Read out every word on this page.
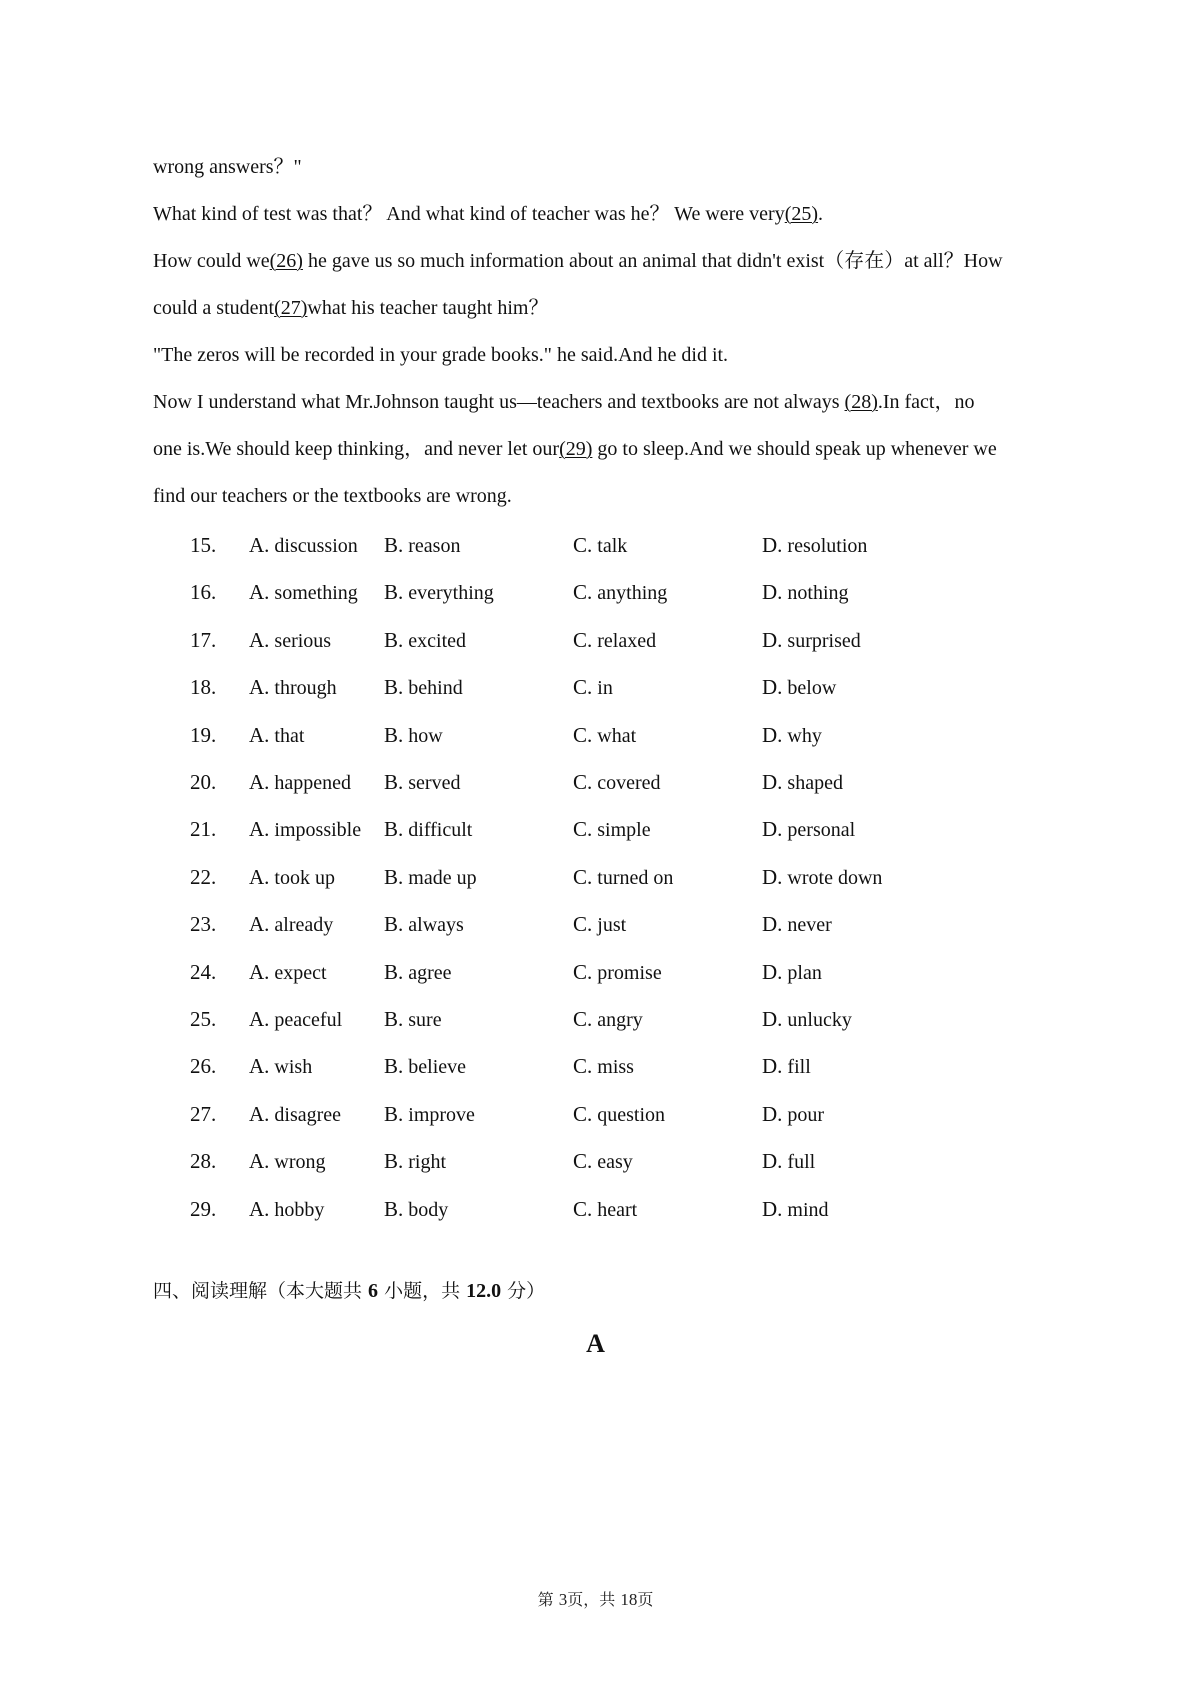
wrong answers？"
What kind of test was that？ And what kind of teacher was he？ We were very(25).
How could we(26) he gave us so much information about an animal that didn't exist（存在）at all？How
could a student(27)what his teacher taught him？
"The zeros will be recorded in your grade books." he said.And he did it.
Now I understand what Mr.Johnson taught us—teachers and textbooks are not always (28).In fact，no
one is.We should keep thinking，and never let our(29) go to sleep.And we should speak up whenever we
find our teachers or the textbooks are wrong.
15. A. discussion B. reason	C. talk	D. resolution
16. A. something B. everything	C. anything	D. nothing
17. A. serious	B. excited	C. relaxed	D. surprised
18. A. through B. behind	C. in	D. below
19. A. that	B. how	C. what	D. why
20. A. happened B. served	C. covered	D. shaped
21. A. impossible B. difficult	C. simple	D. personal
22. A. took up B. made up	C. turned on	D. wrote down
23. A. already B. always	C. just	D. never
24. A. expect	B. agree	C. promise	D. plan
25. A. peaceful B. sure	C. angry	D. unlucky
26. A. wish	B. believe	C. miss	D. fill
27. A. disagree B. improve	C. question	D. pour
28. A. wrong	B. right	C. easy	D. full
29. A. hobby	B. body	C. heart	D. mind
四、阅读理解（本大题共 6 小题，共 12.0 分）
A
第 3页，共 18页
